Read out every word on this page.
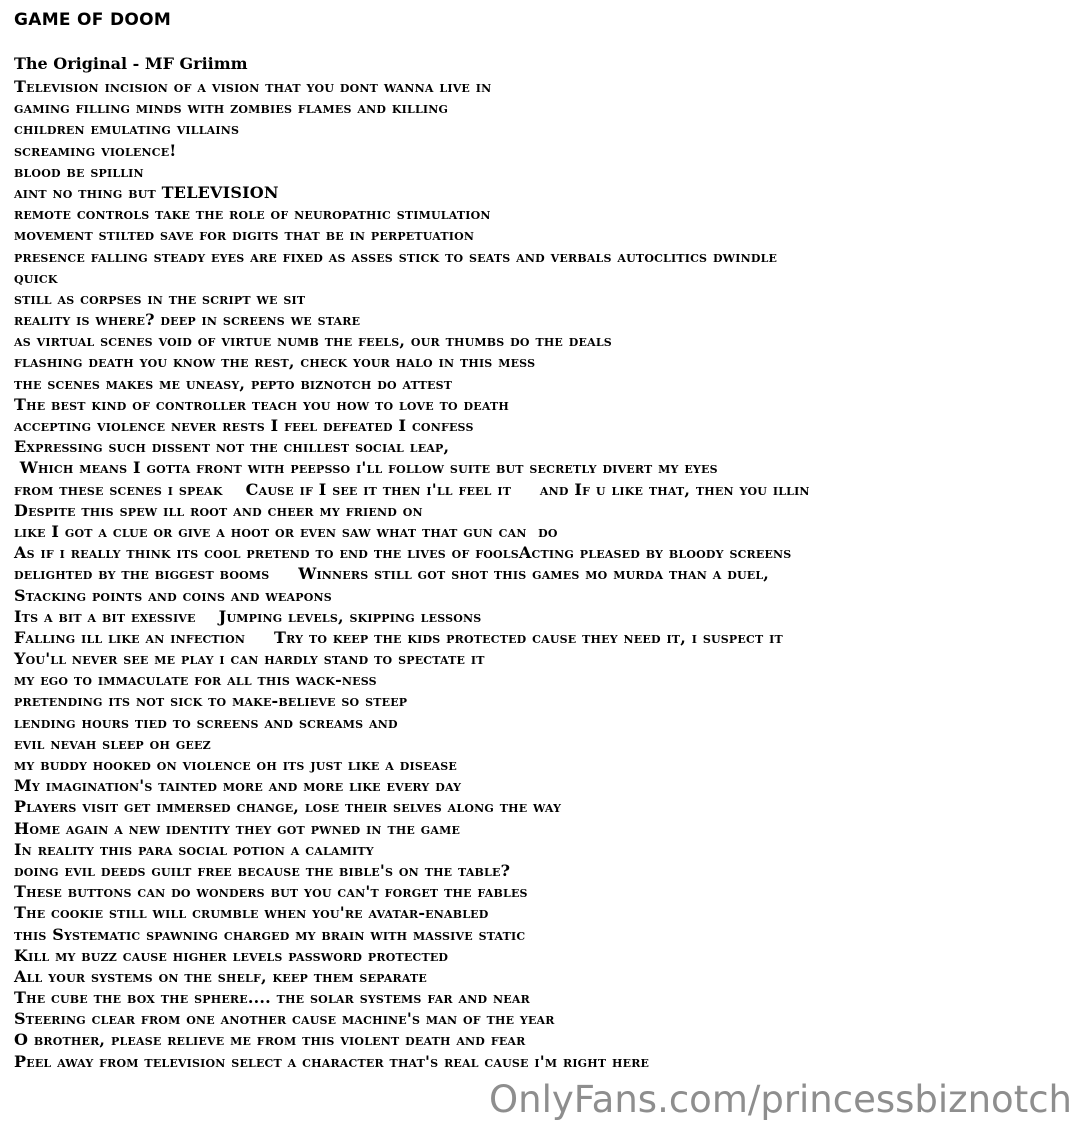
GAME OF DOOM
The Original - MF Griimm
Television incision of a vision that you dont wanna live in
gaming filling minds with zombies flames and killing
children emulating villains
screaming violence!
blood be spillin
aint no thing but TELEVISION
remote controls take the role of neuropathic stimulation
movement stilted save for digits that be in perpetuation
presence falling steady eyes are fixed as asses stick to seats and verbals autoclitics dwindle
quick
still as corpses in the script we sit
reality is where? deep in screens we stare
as virtual scenes void of virtue numb the feels, our thumbs do the deals
flashing death you know the rest, check your halo in this mess
the scenes makes me uneasy, pepto biznotch do attest
The best kind of controller teach you how to love to death
accepting violence never rests I feel defeated I confess
Expressing such dissent not the chillest social leap,
Which means I gotta front with peepsso i'll follow suite but secretly divert my eyes
from these scenes i speak    Cause if I see it then i'll feel it     and If u like that, then you illin
Despite this spew ill root and cheer my friend on
like I got a clue or give a hoot or even saw what that gun can  do
As if i really think its cool pretend to end the lives of foolsActing pleased by bloody screens
delighted by the biggest booms     Winners still got shot this games mo murda than a duel,
Stacking points and coins and weapons
Its a bit a bit exessive    Jumping levels, skipping lessons
Falling ill like an infection     Try to keep the kids protected cause they need it, i suspect it
You'll never see me play i can hardly stand to spectate it
my ego to immaculate for all this wack-ness
pretending its not sick to make-believe so steep
lending hours tied to screens and screams and
evil nevah sleep oh geez
my buddy hooked on violence oh its just like a disease
My imagination's tainted more and more like every day
Players visit get immersed change, lose their selves along the way
Home again a new identity they got pwned in the game
In reality this para social potion a calamity
doing evil deeds guilt free because the bible's on the table?
These buttons can do wonders but you can't forget the fables
The cookie still will crumble when you're avatar-enabled
this Systematic spawning charged my brain with massive static
Kill my buzz cause higher levels password protected
All your systems on the shelf, keep them separate
The cube the box the sphere.... the solar systems far and near
Steering clear from one another cause machine's man of the year
O brother, please relieve me from this violent death and fear
Peel away from television select a character that's real cause i'm right here
OnlyFans.com/princessbiznotch
